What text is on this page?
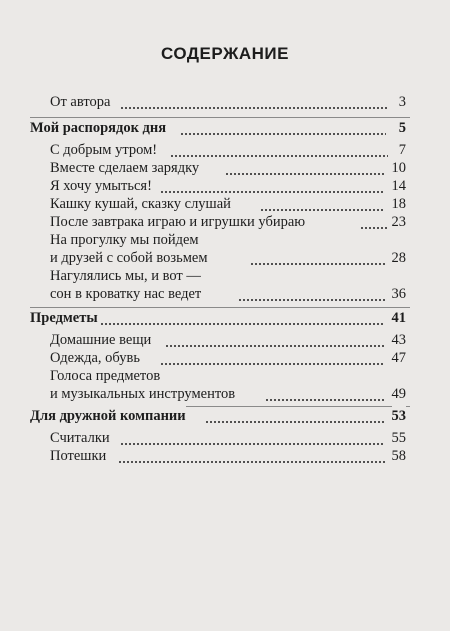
СОДЕРЖАНИЕ
От автора	3
Мой распорядок дня	5
С добрым утром!	7
Вместе сделаем зарядку	10
Я хочу умыться!	14
Кашку кушай, сказку слушай	18
После завтрака играю и игрушки убираю	23
На прогулку мы пойдем
и друзей с собой возьмем	28
Нагулялись мы, и вот —
сон в кроватку нас ведет	36
Предметы	41
Домашние вещи	43
Одежда, обувь	47
Голоса предметов
и музыкальных инструментов	49
Для дружной компании	53
Считалки	55
Потешки	58
